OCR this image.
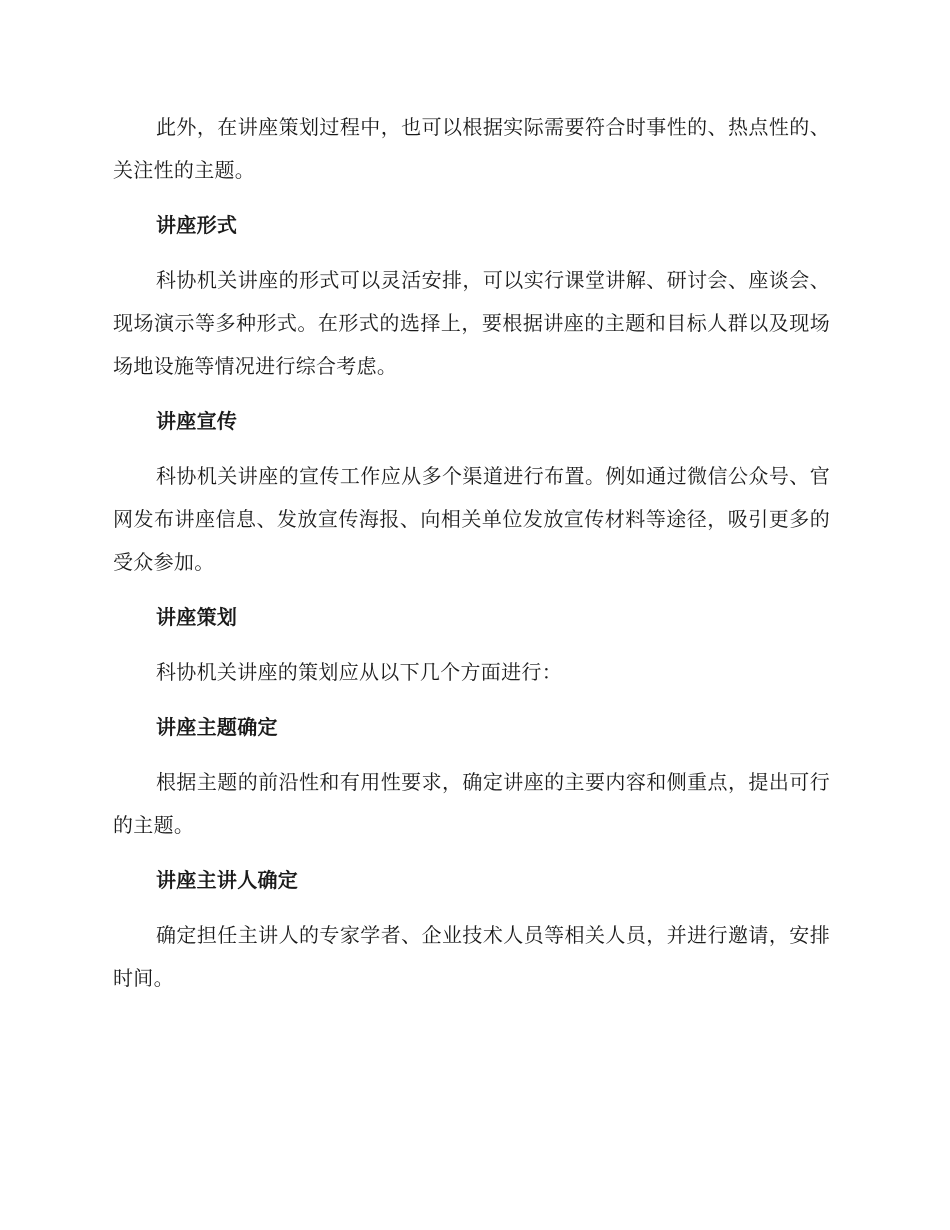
此外，在讲座策划过程中，也可以根据实际需要符合时事性的、热点性的、关注性的主题。

讲座形式

科协机关讲座的形式可以灵活安排，可以实行课堂讲解、研讨会、座谈会、现场演示等多种形式。在形式的选择上，要根据讲座的主题和目标人群以及现场场地设施等情况进行综合考虑。

讲座宣传

科协机关讲座的宣传工作应从多个渠道进行布置。例如通过微信公众号、官网发布讲座信息、发放宣传海报、向相关单位发放宣传材料等途径，吸引更多的受众参加。

讲座策划

科协机关讲座的策划应从以下几个方面进行：

讲座主题确定

根据主题的前沿性和有用性要求，确定讲座的主要内容和侧重点，提出可行的主题。

讲座主讲人确定

确定担任主讲人的专家学者、企业技术人员等相关人员，并进行邀请，安排时间。
